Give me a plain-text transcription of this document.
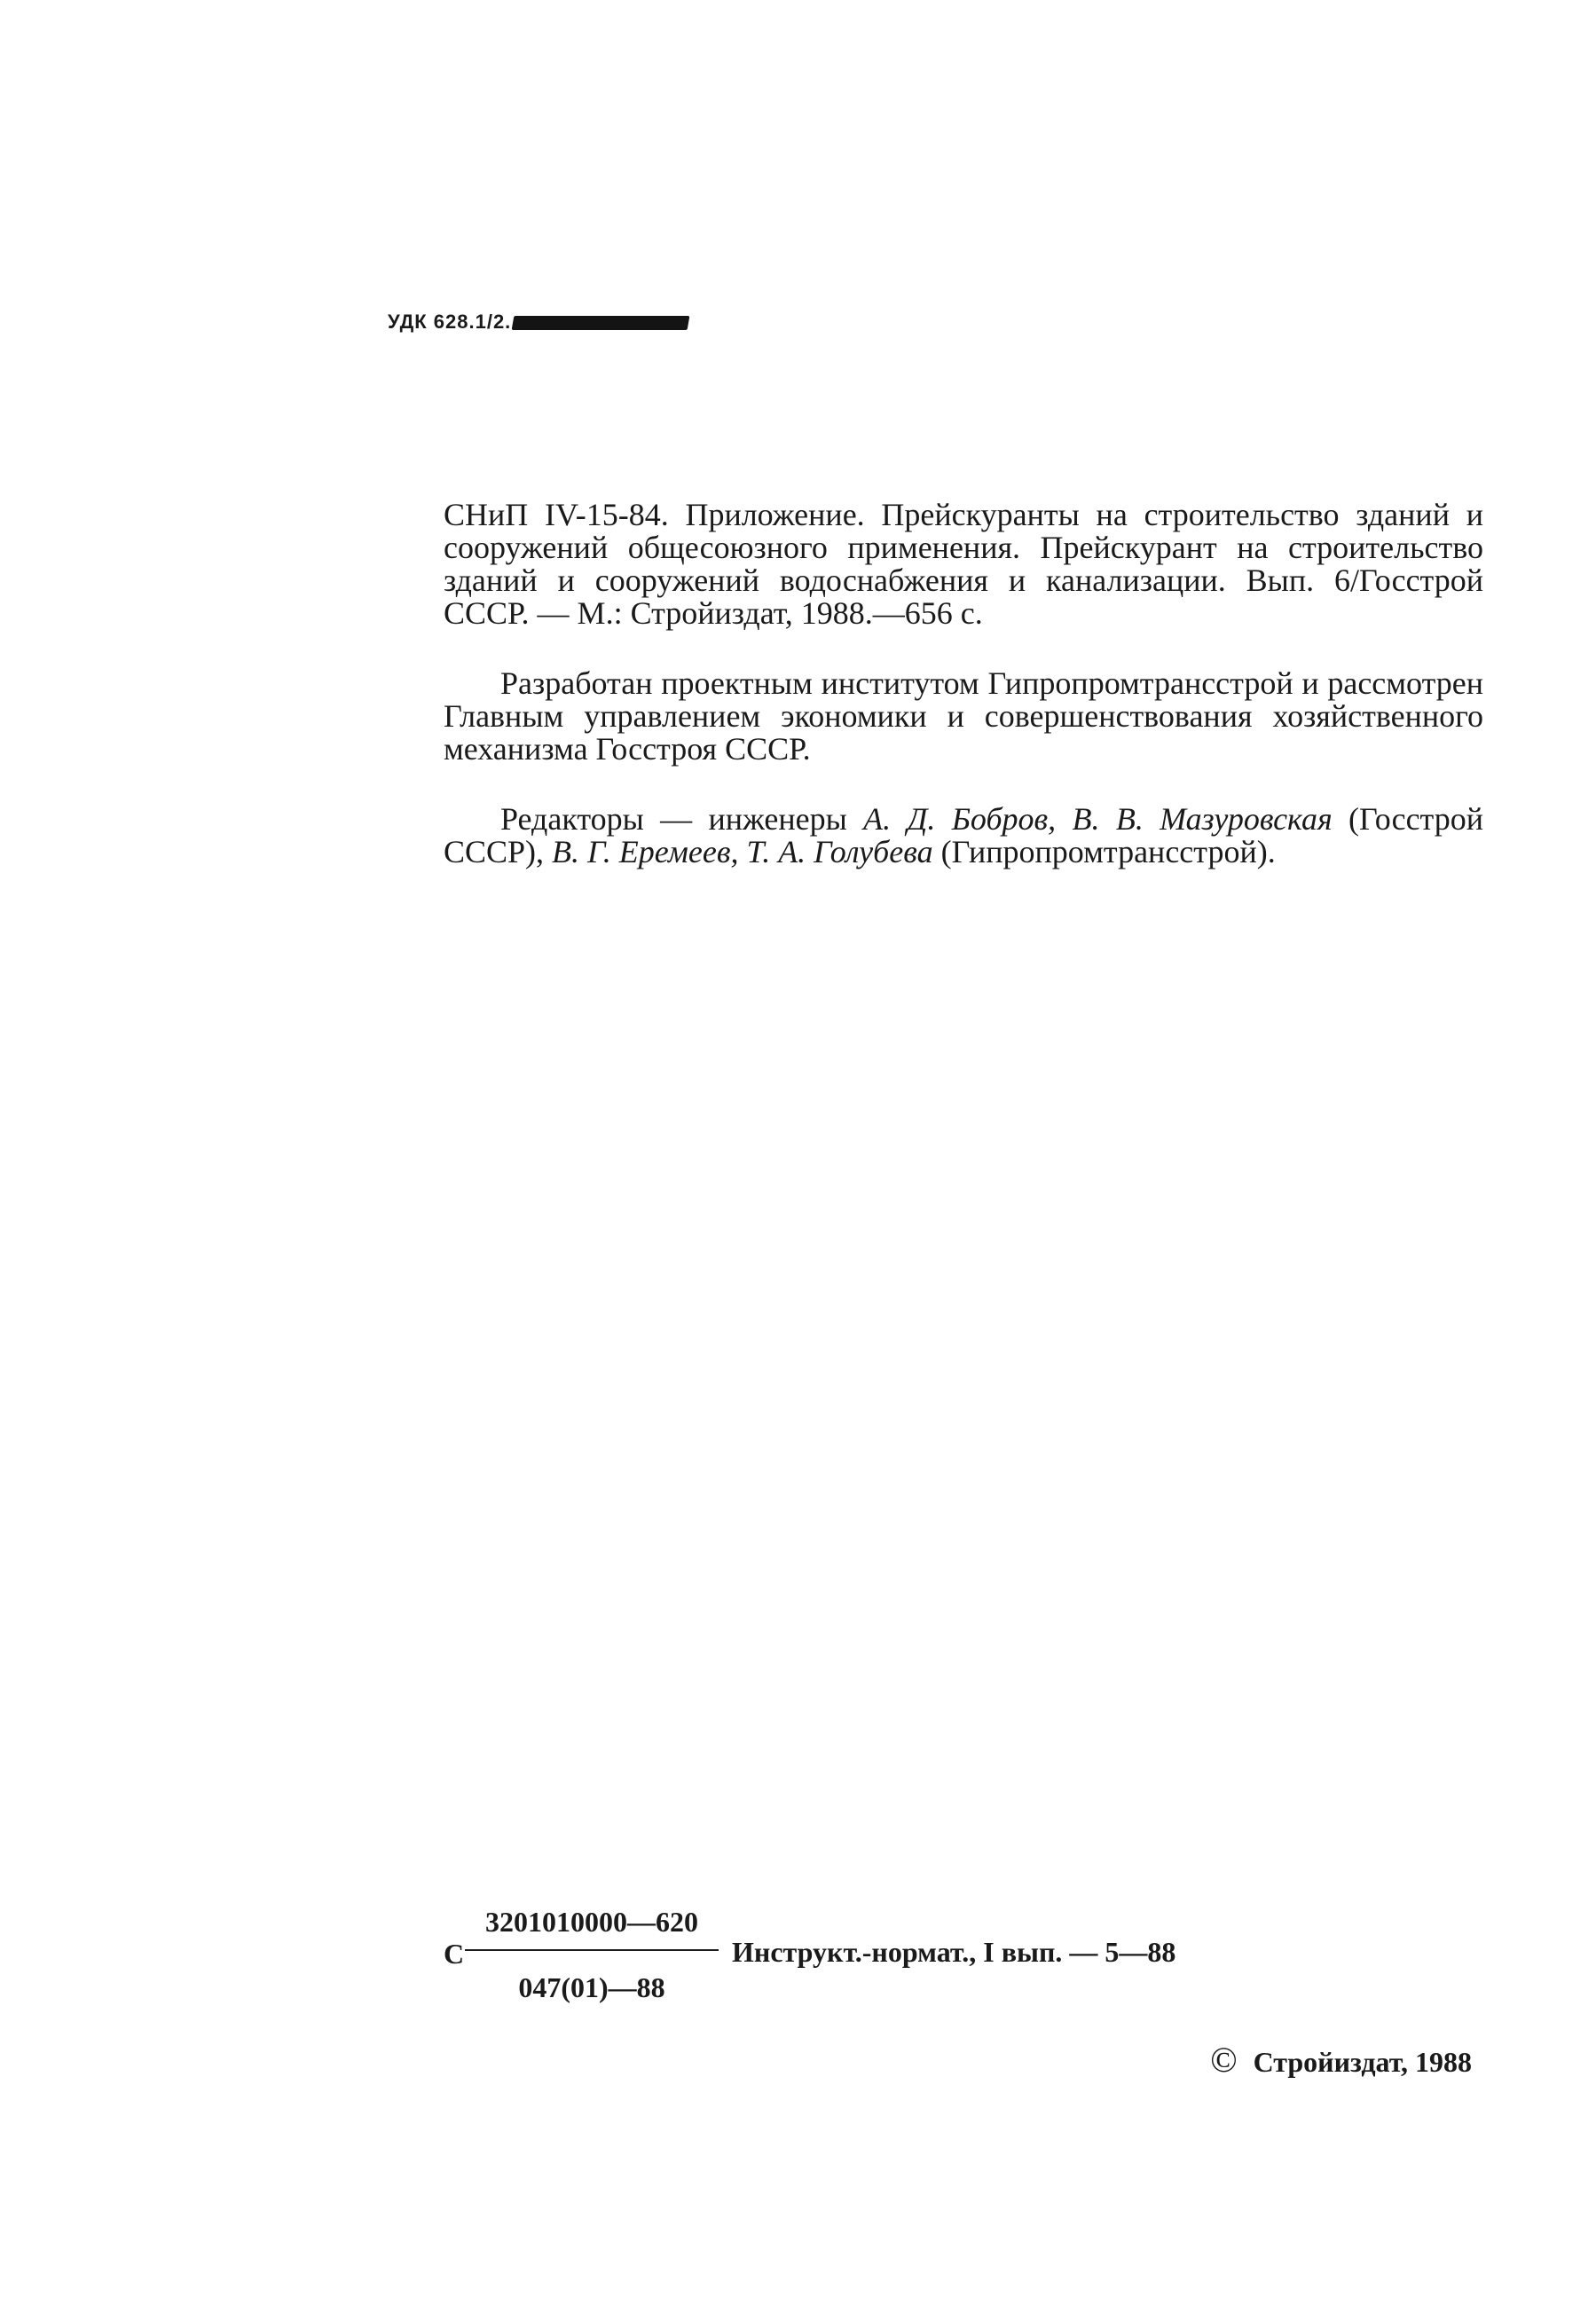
УДК 628.1/2.

СНиП IV-15-84. Приложение. Прейскуранты на строительство зданий и сооружений общесоюзного применения. Прейскурант на строительство зданий и сооружений водоснабжения и канализации. Вып. 6/Госстрой СССР. — М.: Стройиздат, 1988.—656 с.

Разработан проектным институтом Гипропромтрансстрой и рассмотрен Главным управлением экономики и совершенствования хозяйственного механизма Госстроя СССР.

Редакторы — инженеры А. Д. Бобров, В. В. Мазуровская (Госстрой СССР), В. Г. Еремеев, Т. А. Голубева (Гипропромтрансстрой).

С
3201010000—620
047(01)—88
Инструкт.-нормат., I вып. — 5—88
© Стройиздат, 1988
